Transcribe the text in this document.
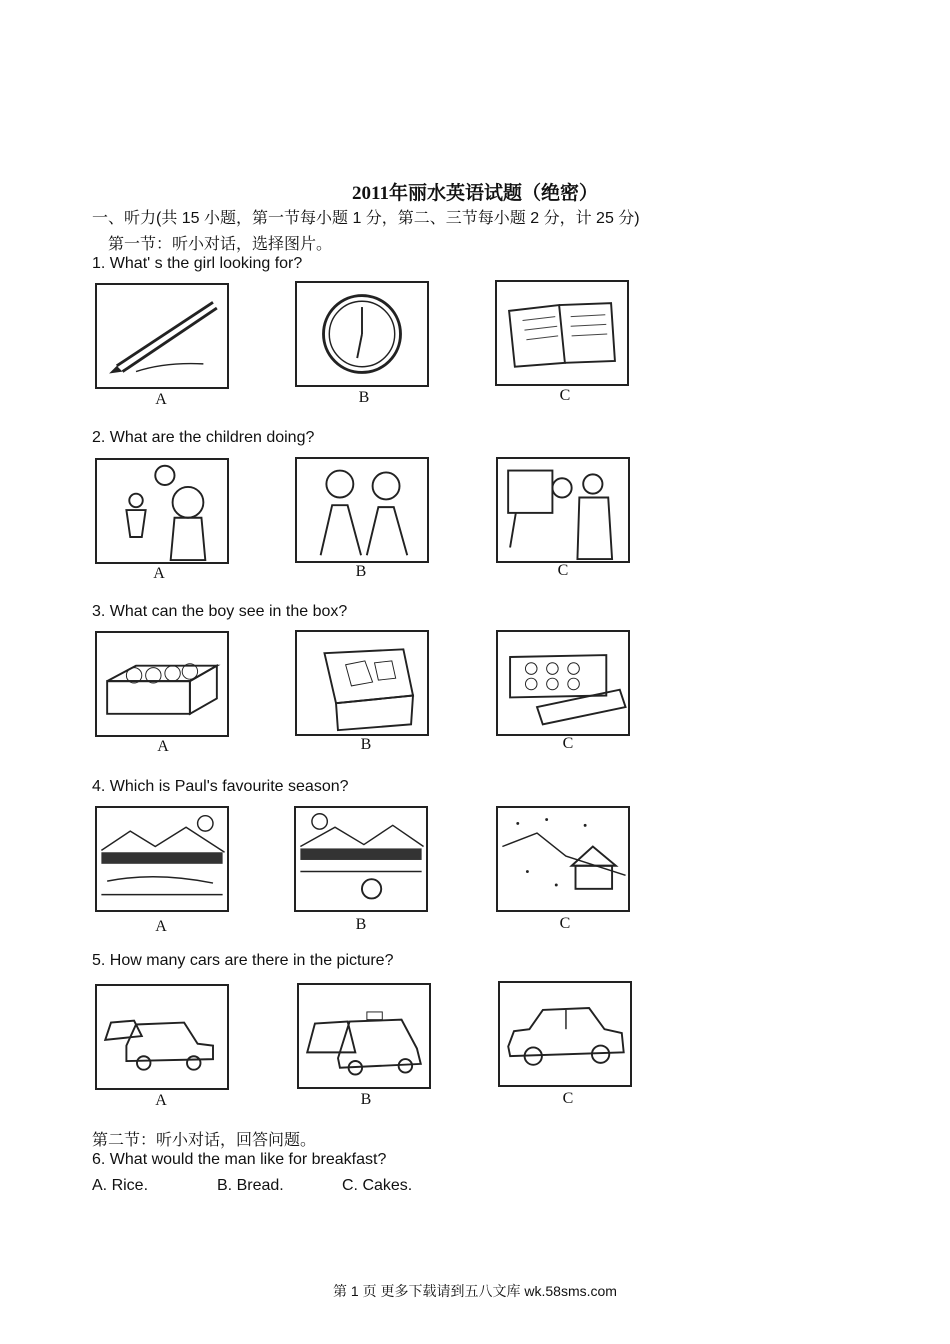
2011年丽水英语试题（绝密）
一、听力(共 15 小题，第一节每小题 1 分，第二、三节每小题 2 分，计 25 分)
第一节：听小对话，选择图片。
1. What' s the girl looking for?
A	B	C
2. What are the children doing?
A	B	C
3. What can the boy see in the box?
A	B	C
4. Which is Paul's favourite season?
A	B	C
5. How many cars are there in the picture?
A	B	C
第二节：听小对话，回答问题。
6. What would the man like for breakfast?
A. Rice.	B. Bread.	C. Cakes.
第 1 页 更多下载请到五八文库 wk.58sms.com
